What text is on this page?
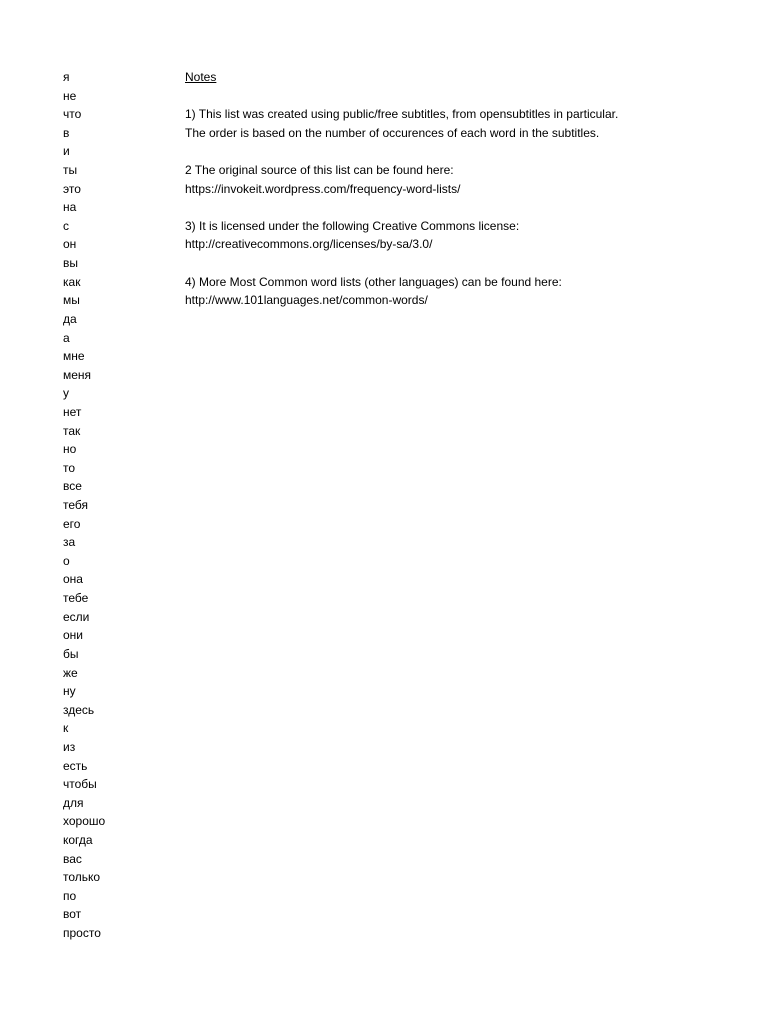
я
не
что
в
и
ты
это
на
с
он
вы
как
мы
да
а
мне
меня
у
нет
так
но
то
все
тебя
его
за
о
она
тебе
если
они
бы
же
ну
здесь
к
из
есть
чтобы
для
хорошо
когда
вас
только
по
вот
просто
Notes
1) This list was created using public/free subtitles, from opensubtitles in particular.
The order is based on the number of occurences of each word in the subtitles.
2 The original source of this list can be found here:
https://invokeit.wordpress.com/frequency-word-lists/
3) It is licensed under the following Creative Commons license:
http://creativecommons.org/licenses/by-sa/3.0/
4) More Most Common word lists (other languages) can be found here:
http://www.101languages.net/common-words/
